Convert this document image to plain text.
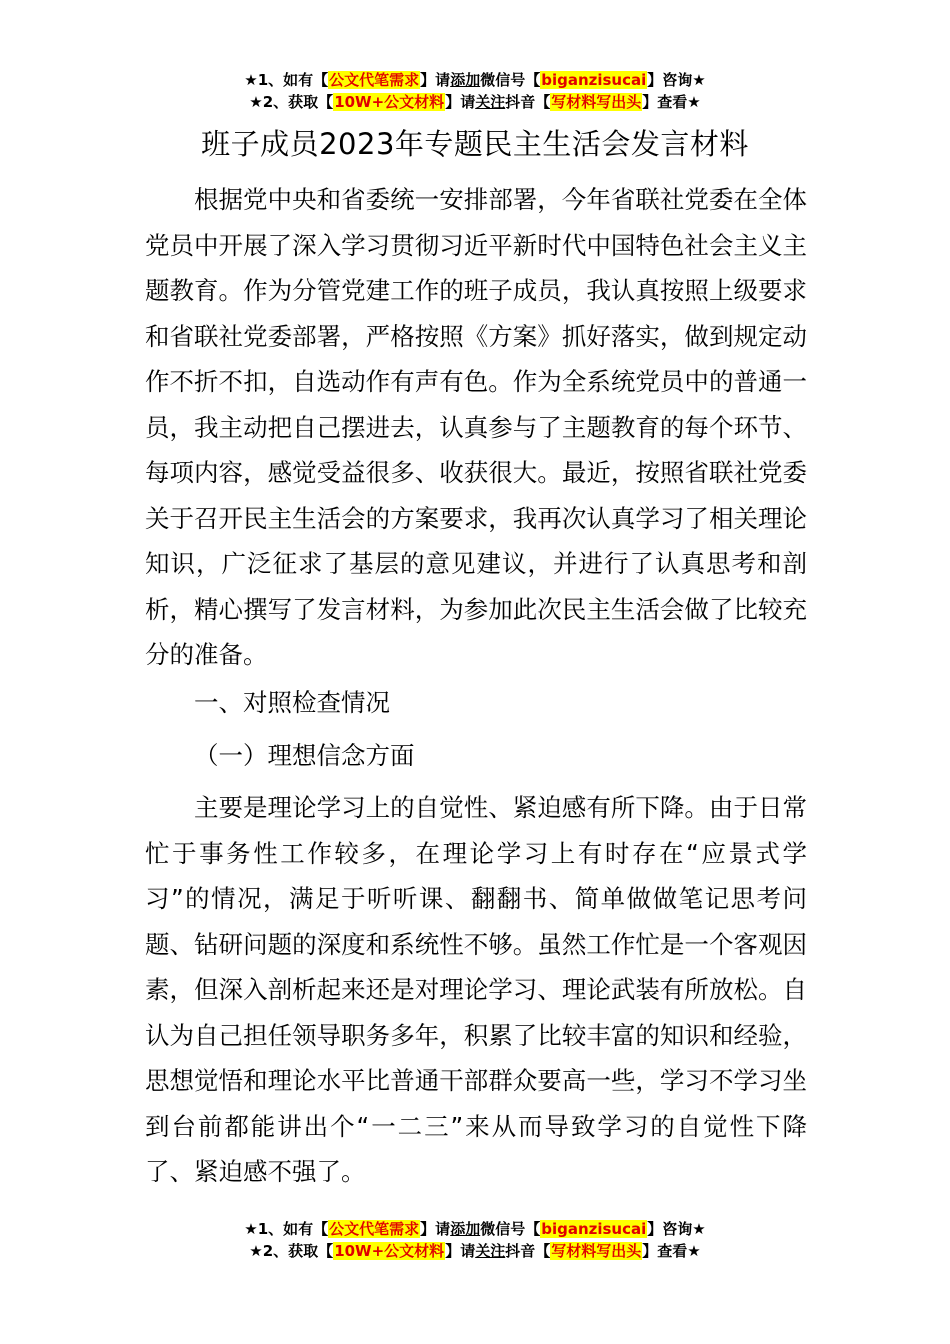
★1、如有【公文代笔需求】请添加微信号【biganzisucai】咨询★
★2、获取【10W+公文材料】请关注抖音【写材料写出头】查看★
班子成员2023年专题民主生活会发言材料

根据党中央和省委统一安排部署，今年省联社党委在全体党员中开展了深入学习贯彻习近平新时代中国特色社会主义主题教育。作为分管党建工作的班子成员，我认真按照上级要求和省联社党委部署，严格按照《方案》抓好落实，做到规定动作不折不扣，自选动作有声有色。作为全系统党员中的普通一员，我主动把自己摆进去，认真参与了主题教育的每个环节、每项内容，感觉受益很多、收获很大。最近，按照省联社党委关于召开民主生活会的方案要求，我再次认真学习了相关理论知识，广泛征求了基层的意见建议，并进行了认真思考和剖析，精心撰写了发言材料，为参加此次民主生活会做了比较充分的准备。

一、对照检查情况

（一）理想信念方面

主要是理论学习上的自觉性、紧迫感有所下降。由于日常忙于事务性工作较多，在理论学习上有时存在“应景式学习”的情况，满足于听听课、翻翻书、简单做做笔记思考问题、钻研问题的深度和系统性不够。虽然工作忙是一个客观因素，但深入剖析起来还是对理论学习、理论武装有所放松。自认为自己担任领导职务多年，积累了比较丰富的知识和经验，思想觉悟和理论水平比普通干部群众要高一些，学习不学习坐到台前都能讲出个“一二三”来从而导致学习的自觉性下降了、紧迫感不强了。

★1、如有【公文代笔需求】请添加微信号【biganzisucai】咨询★
★2、获取【10W+公文材料】请关注抖音【写材料写出头】查看★
